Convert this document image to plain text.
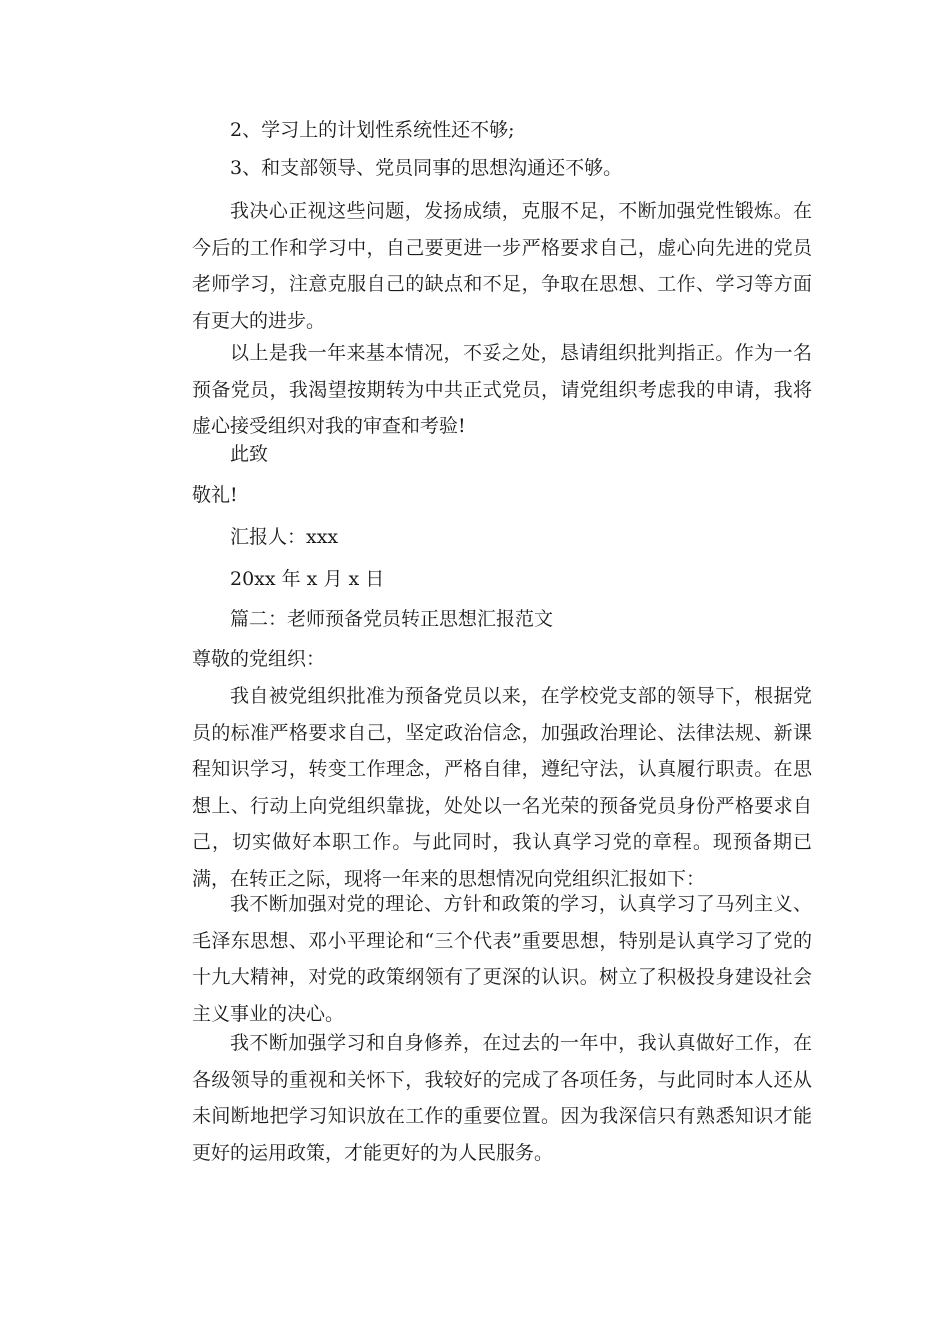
2、学习上的计划性系统性还不够;
3、和支部领导、党员同事的思想沟通还不够。
我决心正视这些问题，发扬成绩，克服不足，不断加强党性锻炼。在今后的工作和学习中，自己要更进一步严格要求自己，虚心向先进的党员老师学习，注意克服自己的缺点和不足，争取在思想、工作、学习等方面有更大的进步。
以上是我一年来基本情况，不妥之处，恳请组织批判指正。作为一名预备党员，我渴望按期转为中共正式党员，请党组织考虑我的申请，我将虚心接受组织对我的审查和考验!
此致
敬礼!
汇报人：xxx
20xx 年 x 月 x 日
篇二：老师预备党员转正思想汇报范文
尊敬的党组织：
我自被党组织批准为预备党员以来，在学校党支部的领导下，根据党员的标准严格要求自己，坚定政治信念，加强政治理论、法律法规、新课程知识学习，转变工作理念，严格自律，遵纪守法，认真履行职责。在思想上、行动上向党组织靠拢，处处以一名光荣的预备党员身份严格要求自己，切实做好本职工作。与此同时，我认真学习党的章程。现预备期已满，在转正之际，现将一年来的思想情况向党组织汇报如下：
我不断加强对党的理论、方针和政策的学习，认真学习了马列主义、毛泽东思想、邓小平理论和“三个代表”重要思想，特别是认真学习了党的十九大精神，对党的政策纲领有了更深的认识。树立了积极投身建设社会主义事业的决心。
我不断加强学习和自身修养，在过去的一年中，我认真做好工作，在各级领导的重视和关怀下，我较好的完成了各项任务，与此同时本人还从未间断地把学习知识放在工作的重要位置。因为我深信只有熟悉知识才能更好的运用政策，才能更好的为人民服务。
